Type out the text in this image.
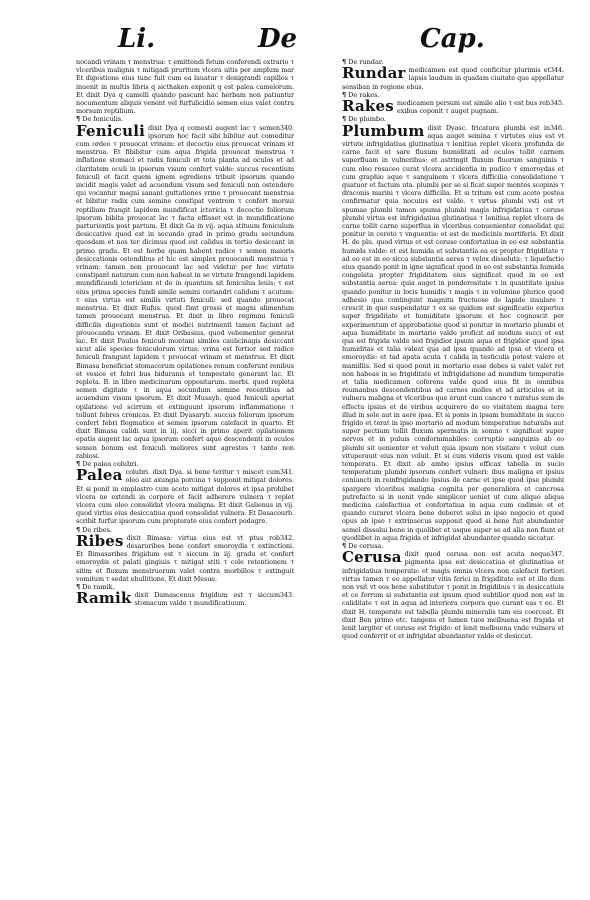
Li.	De	Cap.

nocandi vrinam τ menstrua: τ emittendi fetum conferendi extrario τ vlceribus malignis τ mitigadi pruritum vlcera uitis per amplum mar Et digestione eius tunc fuit cum ea lauatur τ denigrandi capillos τ inuenit in multis libris q sicthaken exponit q est palea camelorum. Et dixit Dya q camelli quando pascunt hac herbam non patiuntur nocumentum aliquis venent vel furfulicidio semen eius valet contra morsum reptilium.

¶ De feniculis.

340.
Feniculi dixit Dya q comesti augent lac τ semen ipsorum hoc facit sibi bibitur aut comeditur cum ordeo τ prouocat vrinam: et decoctio eius prouocat vrinam et menstrua. Et fibibitur cum aqua frigida prouocat menstrua τ inflatione stomaci et radix feniculi et tota planta ad oculos et ad claritatem oculi in ipsorum visum confert valde: succus recentium feniculi et facit quem ignem egrediens tribuit ipsorum quando incidit magis valet ad acuendum visum sed feniculi non ostendere qui vocantur magni sanant guttationes vrine τ prouocant menstrua et bibitur radix cum semine constipat ventrem τ confert morsui reptilium frangit lapidem mundificat ictericia τ decoctio foliorum ipsorum bibita prouocat lac τ facta effisset est in mundificatione parturientis post partum. Et dixit Ga in vij. aqua stituum feniculum desiccative quod est in secundo grad in primo gradu secundum quosdam et nos ter dicimus quod est calidus in tertio desiccant in primo gradu. Et est herba quam habent radice τ semen maioris desiccationis ostendibus et hic est simplex prouocandi menstrua τ vrinam: tamen non prouocant lac sed videtur per hoc virtute constipant naturam cum non habeat in se virtute frangendi lapidem mundificandi ictericiam et de in quantum sit feniculus leuis: τ est eius prima species fundi simile semini coriandri calidum τ acutum: τ eius virtus est similis virtuti feniculi: sed quando prouocat menstrua. Et dixit Rufus. quod fimt grossi et magni alimentum tamen prouocant menstrua. Et dixit in libro regimini feniculi difficilis digestionis sunt et modici nutrimenti tamen faciunt ad prouocandu vrinam. Et dixit Oribasius. quod vehementer generat lac. Et dixit Paulus feniculi montani similes caulicinagis desiccant sicut alie species feniculorum virtus: vrina est fortior sed radice feniculi frangunt lapidem τ prouocat vrinam et menstrua. Et dixit Bimasa beneficiat stomacorum opilationes renum conferunt renibus et vesice et febri bus biduranis et tempestate generant lac. Et repleta. B. in libro medicinarum oppositarum. merbi. quod repleta semen digitate τ in aqua secundum semine recentibus ad acuendum visum ipsorum. Et dixit Musayb. quod feniculi aperiat opilatione vel scirrum et extinguunt ipsorum inflammatione τ tollunt febres cronicas. Et dixit Dyasaryb. succus foliorum ipsorum confert febri flegmatice et semen ipsorum calefacit in quarto. Et dixit Bimasa calidi sunt in iij. sicci in primo aperit opilationem epatis augent lac aqua ipsorum confert aque descendenti in oculos semen bonum est feniculi meliores sunt agrestes τ tanto non rabiosi.

¶ De palea colubri.

341.
Palea colubri. dixit Dya. si bene teritur τ miscet cum oleo aut axungia porcina τ supponit mitigat dolores. Et si ponit in emplastro cum aceto mitigat dolores et ipsa prohibet vlcera ne extendi in corpore et facit adherere vulnera τ replet vlcera cum oleo consolidat vlcera maligna. Et dixit Galienus in vij. quod virtus eius desiccatiua quod consolidat vulnera. Et Dasacourb. scribit furfur ipsorum cum propterate eius confert podagre.

¶ De ribes.

342.
Ribes dixit Bimasa: virtus eius est vt ptus rob desaruribes bene confert emoroydis τ extinctioni. Et Bimasaribes frigidum est τ siccum in iij. gradu et confert emoroydis et palati gingiuis τ mitigat stiti τ cole retentionem τ sitim et fluxum menstruorum valet contra morbillos τ extinguit vomitum τ sedat ebullitione. Et dixit Mesue.

¶ De ramik.

343.
Ramik dixit Damascenus frigidum est τ siccum stomacum valde τ mundificatiuum.

¶ De rundar.

344.
Rundar medicamen est quod conficitur plurimis et lapsis laudum in quadam ciuitate que appellatur sensiban in regione ebus.

¶ De rakes.

345.
Rakes medicamen persum est simile alio τ est bus reb exibus coponit τ auget pugnam.

¶ De plumbo.

346.
Plumbum dixit Dyasc. fricatura plumbi est in aqua auget semina τ virtutes eius est vt virtute infrigidatiua glutinatiua τ lenitiua replet vlcera profunda de carne facit et sare fluxum humiditati ad oculos tollit carnem superfluam in vulneribus: et astringit fluxum fluorum sanguinis τ cum oleo rosaceo curat vlcera accidentia in pudico τ emoroydas et cum graphio aque τ sanguinem τ vlcera difficilia consolidatione τ quatuor et factum uta. plumbi per se si ficat super montes scopinis τ draconis marini τ vlcera difficilia. Et si tritum est cum aceto postea confirmatur quia nocuius est valde. τ virtus plumbi vsti est vt spumae plumbi tamen spuma plumbi magis infrigidatiua τ ceruse plumbi virtus est infrigidatiua glutinatiua τ lenitiua replet vlcera de carne tollit carne superflua in vlceribus conuenienter consolidat qui ponitur in ceroto τ vnguentis: et est de medicinis mortiferis. Et dixit H. de plu. quod virtus et est ceruse confortatiua in eo est substantia humida valde: et est humida et substantia ea ex propter frigiditate τ ad eo est in eo sicca substantia aerea τ velox dissoluta: τ liquefactio eius quando ponit in igne significat quod in eo est substantia humida congelata propter frigiditatem eius significat quod in eo est substantia aerea: quia auget in ponderositate τ in quantitate ipsius quando ponitur in locis humidis τ magis τ in volumine plurico quod adhesio qua contingunt magnitu fructuose de lapide insulare τ crescit in quo suspendatur τ ex se quidem est significatio expertus super frigiditate et humiditate ipsorum et hoc cognoscit per experimentum et approbatione quod si ponitur in mortario plumbi et aqua humiditate in mortario valde proficit ad modum succi et est qua est frigida valde sed frigidior ipsum aqua et frigidior quod ipsa humiditas et talia valeat qua ad ipsa quando ad ipsa et vlcera et emoroydis: et tad apata acuta τ calida in testiculis potest valere et mamillis. Sed si quod ponit in mortario esse debes si valet valet ret non habeas in se frigiditate et infrigidatione ad mundum temperatie et talia medicamen coferens valde quod eius fit in omnibus reumanbus descendentibus ad carnes molles et ad articulos et in vulnera maligna et vlceribus que erunt cum cancro τ miratus sum de effectu ipsius et de viribus acquirere de eo visitatem magna tere illud in sole aut in aere ipsa. Et si ponis in ipsam humiditate in succo frigido et terat in ipso mortario ad modum temperatiue naturalis aut super pectium tollit fluxum spermatis in somno τ significat super nervos et in puluis condormmabiles: corruptio sanguinis ab eo plumbi sit uenienter et voluit quia ipsum non visitare τ voluit cum vituperauit eius non voluit. Et si cum videris visum quod est valde temperatu. Et dixit ab ambo ipsius efficax tabella in sucio temperatum plumbi ipsorum confert vulneri: ibus maligna et ipsius coniuncti in reinfrigidando ipsius de carne et ipse quod ipse plumbi spargere vlceribus maligna cognita per generaliora et cancrosa putrefacto si in uenit vnde simplicer ueniet ut cum aliquo aliqua medicina calefactiua et confortatiua in aqua cum cadimie et et quando curaret vlcera bene deberet solui in ipso negocio et quod opus ab ipso τ extrinsecus supponit quod si bene fuit abundanter semel dissolui bene in quolibet et usque super se ad alia non fiunt et quodlibet in aqua frigida et infrigidat abundanter quando siccatur.

¶ De cerusa.

347.
Cerusa dixit quod cerusa non est acuta neque pigmenta ipsa est desiccatiua et glutinatiua et infrigidatiua temperate: et magis omnia vlcera non calefacit fortiori virtus tamen τ eo appellatur vitis ferici in frigiditate est et illo dum non vsit vt eos bene substitutor τ ponit in frigidibus τ in desiccatiuis et ce ferrum si substantia est ipsum quod subtilior quod non est in caliditate τ est in aqua ad interiora corpora que curant eas τ ec. Et dixit H. temperate est tabella plumbi mineralis tam eis coerceat. Et dixit Ben primo etc. tangens et lumen tuos melbuena est frigida et lenit largiter et cerusa est frigido: et lenit melbuena vnde vulnera et quod conferrit et et infrigidat abundanter valde et desiccat.
